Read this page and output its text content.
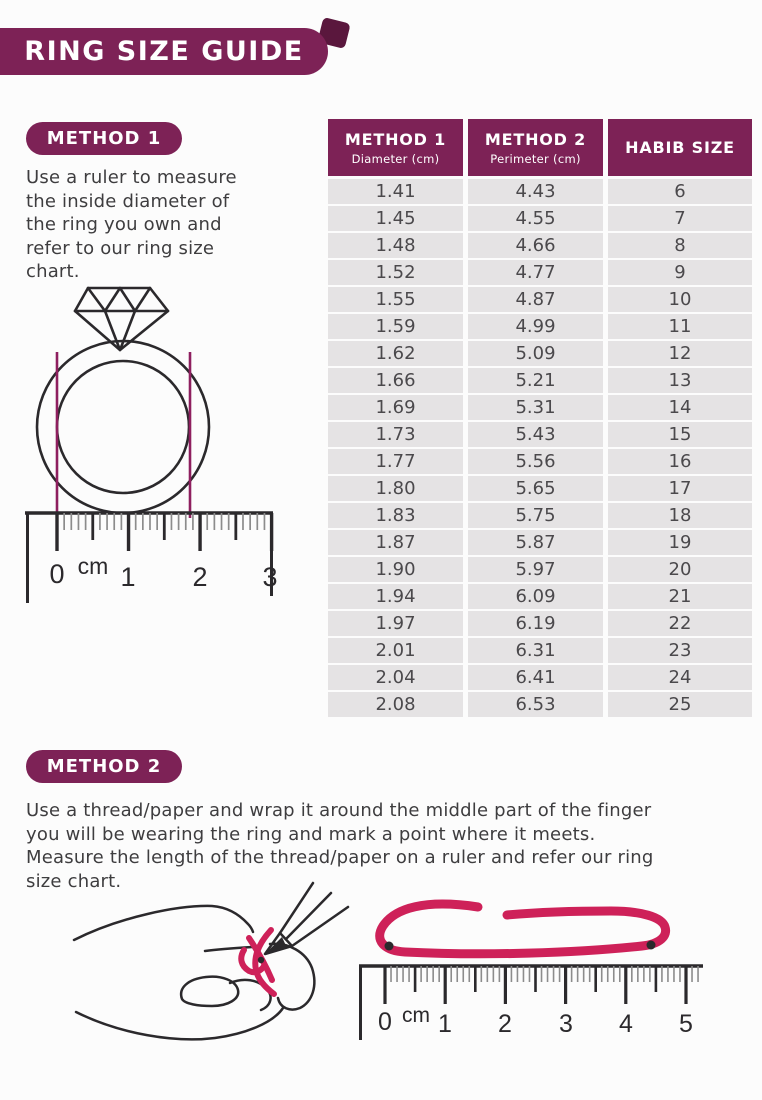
RING SIZE GUIDE
METHOD 1
Use a ruler to measure the inside diameter of the ring you own and refer to our ring size chart.
0 cm 1 2 3
METHOD 1
Diameter (cm)
METHOD 2
Perimeter (cm)
HABIB SIZE
1.41	4.43	6
1.45	4.55	7
1.48	4.66	8
1.52	4.77	9
1.55	4.87	10
1.59	4.99	11
1.62	5.09	12
1.66	5.21	13
1.69	5.31	14
1.73	5.43	15
1.77	5.56	16
1.80	5.65	17
1.83	5.75	18
1.87	5.87	19
1.90	5.97	20
1.94	6.09	21
1.97	6.19	22
2.01	6.31	23
2.04	6.41	24
2.08	6.53	25
METHOD 2
Use a thread/paper and wrap it around the middle part of the finger you will be wearing the ring and mark a point where it meets. Measure the length of the thread/paper on a ruler and refer our ring size chart.
0 cm 1 2 3 4 5
